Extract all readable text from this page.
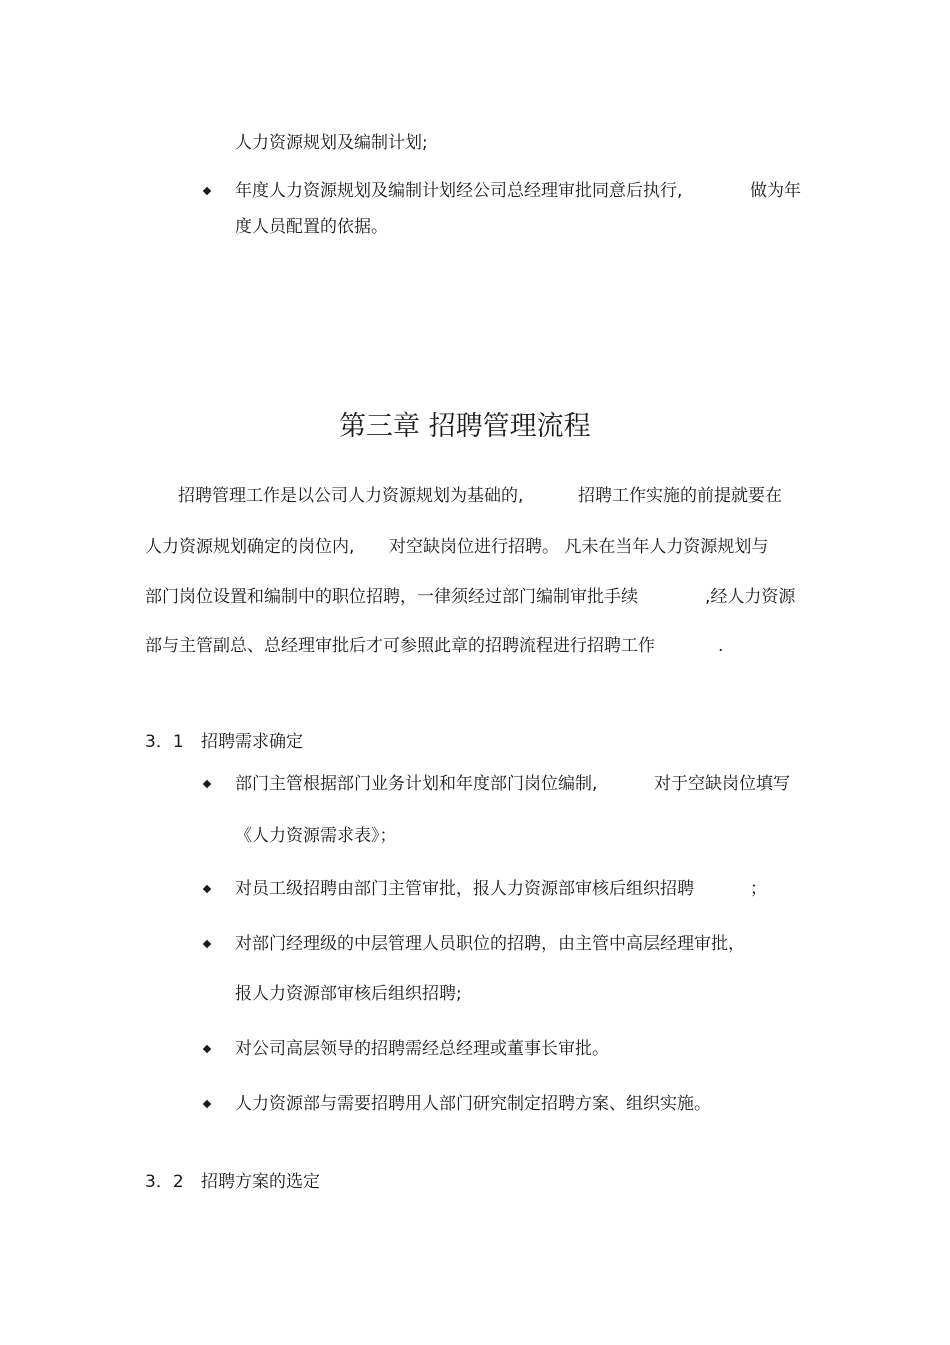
人力资源规划及编制计划;
年度人力资源规划及编制计划经公司总经理审批同意后执行,	做为年
度人员配置的依据。
第三章 招聘管理流程
招聘管理工作是以公司人力资源规划为基础的,	招聘工作实施的前提就要在
人力资源规划确定的岗位内, 对空缺岗位进行招聘。 凡未在当年人力资源规划与
部门岗位设置和编制中的职位招聘，一律须经过部门编制审批手续	,经人力资源
部与主管副总、总经理审批后才可参照此章的招聘流程进行招聘工作	.
3．1 招聘需求确定
部门主管根据部门业务计划和年度部门岗位编制,	对于空缺岗位填写
《人力资源需求表》；
对员工级招聘由部门主管审批，报人力资源部审核后组织招聘	；
对部门经理级的中层管理人员职位的招聘，由主管中高层经理审批，
报人力资源部审核后组织招聘;
对公司高层领导的招聘需经总经理或董事长审批。
人力资源部与需要招聘用人部门研究制定招聘方案、组织实施。
3．2 招聘方案的选定
